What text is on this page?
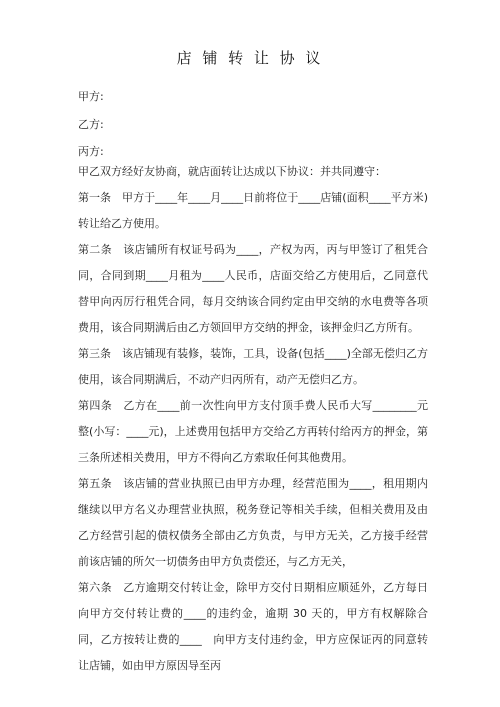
店 铺 转 让 协 议
甲方:
乙方:
丙方:
甲乙双方经好友协商，就店面转让达成以下协议：并共同遵守：
第一条　甲方于____年____月____日前将位于____店铺(面积____平方米)转让给乙方使用。
第二条　该店铺所有权证号码为____，产权为丙，丙与甲签订了租凭合同，合同到期____月租为____人民币，店面交给乙方使用后，乙同意代替甲向丙厉行租凭合同，每月交纳该合同约定由甲交纳的水电费等各项费用，该合同期满后由乙方领回甲方交纳的押金，该押金归乙方所有。
第三条　该店铺现有装修，装饰，工具，设备(包括____)全部无偿归乙方使用，该合同期满后，不动产归丙所有，动产无偿归乙方。
第四条　乙方在____前一次性向甲方支付顶手费人民币大写________元整(小写：____元)，上述费用包括甲方交给乙方再转付给丙方的押金，第三条所述相关费用，甲方不得向乙方索取任何其他费用。
第五条　该店铺的营业执照已由甲方办理，经营范围为____，租用期内继续以甲方名义办理营业执照，税务登记等相关手续，但相关费用及由乙方经营引起的债权债务全部由乙方负责，与甲方无关，乙方接手经营前该店铺的所欠一切债务由甲方负责偿还，与乙方无关，
第六条　乙方逾期交付转让金，除甲方交付日期相应顺延外，乙方每日向甲方交付转让费的____的违约金，逾期 30 天的，甲方有权解除合同，乙方按转让费的____　向甲方支付违约金，甲方应保证丙的同意转让店铺，如由甲方原因导至丙
